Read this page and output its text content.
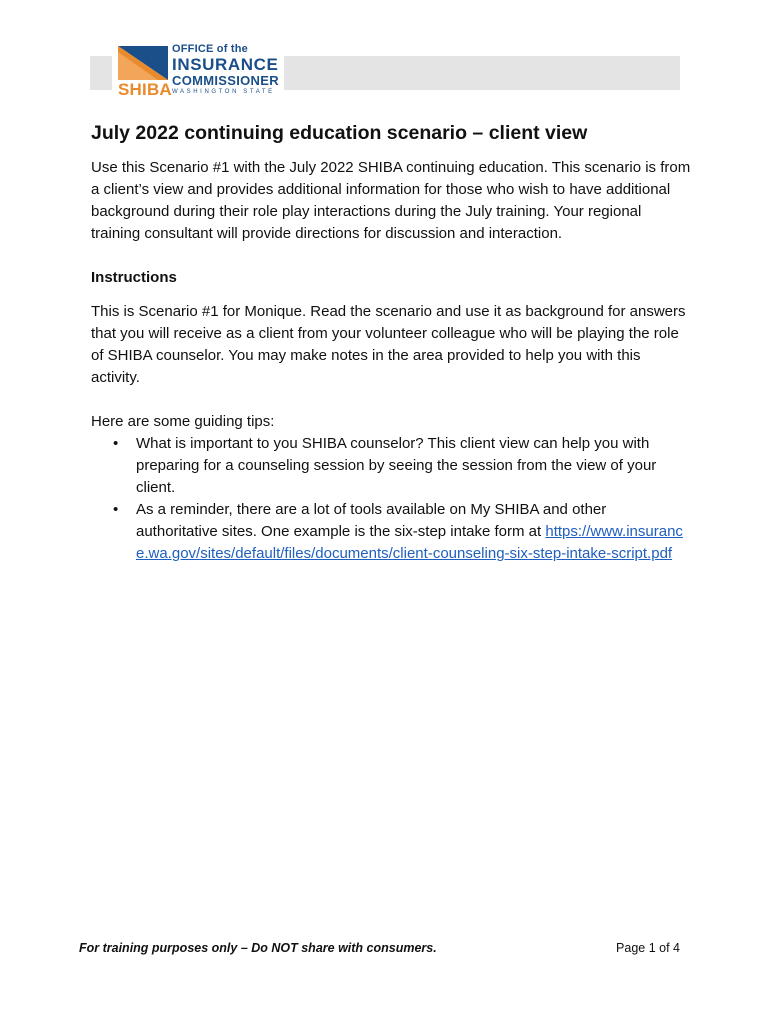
OFFICE of the
INSURANCE
COMMISSIONER
WASHINGTON STATE
SHIBA
July 2022 continuing education scenario – client view

Use this Scenario #1 with the July 2022 SHIBA continuing education. This scenario is from a client’s view and provides additional information for those who wish to have additional background during their role play interactions during the July training. Your regional training consultant will provide directions for discussion and interaction.

Instructions

This is Scenario #1 for Monique. Read the scenario and use it as background for answers that you will receive as a client from your volunteer colleague who will be playing the role of SHIBA counselor. You may make notes in the area provided to help you with this activity.

Here are some guiding tips:

• What is important to you SHIBA counselor? This client view can help you with preparing for a counseling session by seeing the session from the view of your client.
• As a reminder, there are a lot of tools available on My SHIBA and other authoritative sites. One example is the six-step intake form at https://www.insurance.wa.gov/sites/default/files/documents/client-counseling-six-step-intake-script.pdf
For training purposes only – Do NOT share with consumers.	Page 1 of 4
